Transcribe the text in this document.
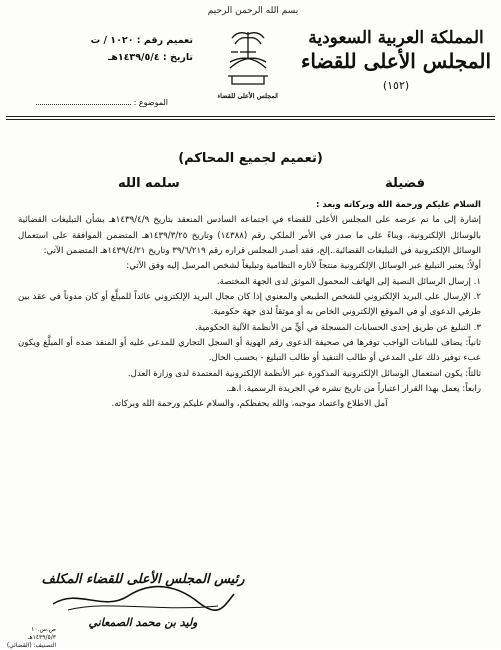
المملكة العربية السعودية
المجلس الأعلى للقضاء
(١٥٢)
بسم الله الرحمن الرحيم
المجلس الأعلى للقضاء
تعميم رقم : ١٠٢٠ / ت
تاريخ : ١٤٣٩/٥/٤هـ
الموضوع :
(تعميم لجميع المحاكم)
فضيلة
سلمه الله

السلام عليكم ورحمة الله وبركاته وبعد :

إشارة إلى ما تم عرضه على المجلس الأعلى للقضاء في اجتماعه السادس المنعقد بتاريخ ١٤٣٩/٤/٩هـ بشأن التبليغات القضائية بالوسائل الإلكترونية، وبناءً على ما صدر في الأمر الملكي رقم (١٤٣٨٨) وتاريخ ١٤٣٩/٣/٢٥هـ المتضمن الموافقة على استعمال الوسائل الإلكترونية في التبليغات القضائية..إلخ، فقد أصدر المجلس قراره رقم ٣٩/٦/٢١٩ وتاريخ ١٤٣٩/٤/٢١هـ المتضمن الآتي:

أولاً: يعتبر التبليغ عبر الوسائل الإلكترونية منتجاً لآثاره النظامية وتبليغاً لشخص المرسل إليه وفق الآتي:

١. إرسال الرسائل النصية إلى الهاتف المحمول الموثق لدى الجهة المختصة.

٢. الإرسال على البريد الإلكتروني للشخص الطبيعي والمعنوي إذا كان مجال البريد الإلكتروني عائداً للمبلَّغ أو كان مدوناً في عقد بين طرفي الدعوى أو في الموقع الإلكتروني الخاص به أو موثقاً لدى جهة حكومية.

٣. التبليغ عن طريق إحدى الحسابات المسجلة في أيٍّ من الأنظمة الآلية الحكومية.

ثانياً: يضاف للبيانات الواجب توفرها في صحيفة الدعوى رقم الهوية أو السجل التجاري للمدعى عليه أو المنفذ ضده أو المبلَّغ ويكون عبء توفير ذلك على المدعي أو طالب التنفيذ أو طالب التبليغ - بحسب الحال.

ثالثاً: يكون استعمال الوسائل الإلكترونية المذكورة عبر الأنظمة الإلكترونية المعتمدة لدى وزارة العدل.

رابعاً: يعمل بهذا القرار اعتباراً من تاريخ نشره في الجريدة الرسمية. ا.هـ.

آمل الاطلاع واعتماد موجبه، والله يحفظكم، والسلام عليكم ورحمة الله وبركاته.

رئيس المجلس الأعلى للقضاء المكلف
وليد بن محمد الصمعاني
ص.س.١٠
١٤٣٩/٥/٣هـ
التصنيف: (القضائي)
